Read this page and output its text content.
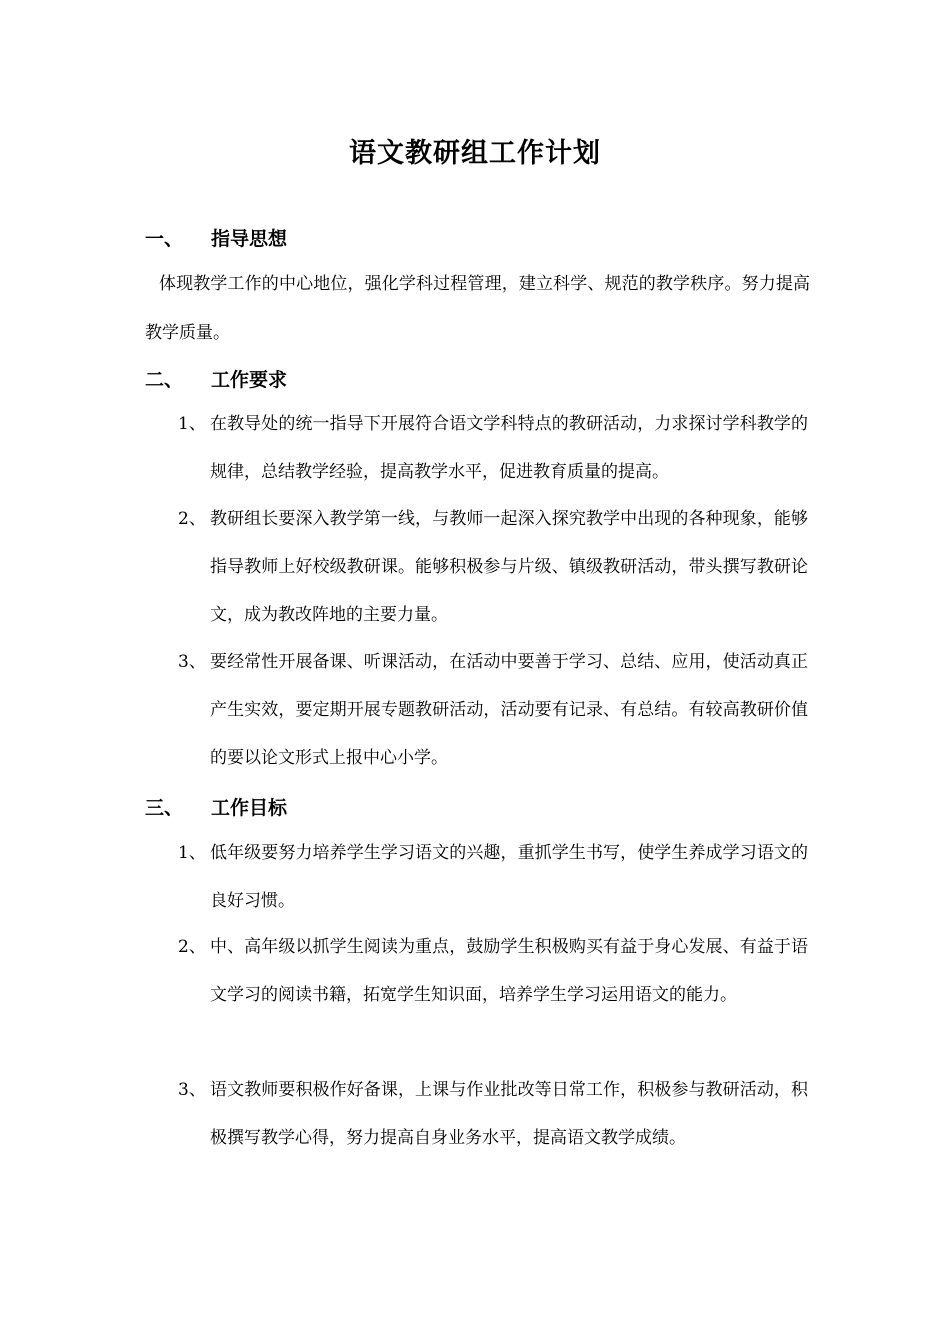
语文教研组工作计划
一、 指导思想
体现教学工作的中心地位，强化学科过程管理，建立科学、规范的教学秩序。努力提高教学质量。
二、 工作要求
1、 在教导处的统一指导下开展符合语文学科特点的教研活动，力求探讨学科教学的规律，总结教学经验，提高教学水平，促进教育质量的提高。
2、 教研组长要深入教学第一线，与教师一起深入探究教学中出现的各种现象，能够指导教师上好校级教研课。能够积极参与片级、镇级教研活动，带头撰写教研论文，成为教改阵地的主要力量。
3、 要经常性开展备课、听课活动，在活动中要善于学习、总结、应用，使活动真正产生实效，要定期开展专题教研活动，活动要有记录、有总结。有较高教研价值的要以论文形式上报中心小学。
三、 工作目标
1、 低年级要努力培养学生学习语文的兴趣，重抓学生书写，使学生养成学习语文的良好习惯。
2、 中、高年级以抓学生阅读为重点，鼓励学生积极购买有益于身心发展、有益于语文学习的阅读书籍，拓宽学生知识面，培养学生学习运用语文的能力。
3、 语文教师要积极作好备课，上课与作业批改等日常工作，积极参与教研活动，积极撰写教学心得，努力提高自身业务水平，提高语文教学成绩。
